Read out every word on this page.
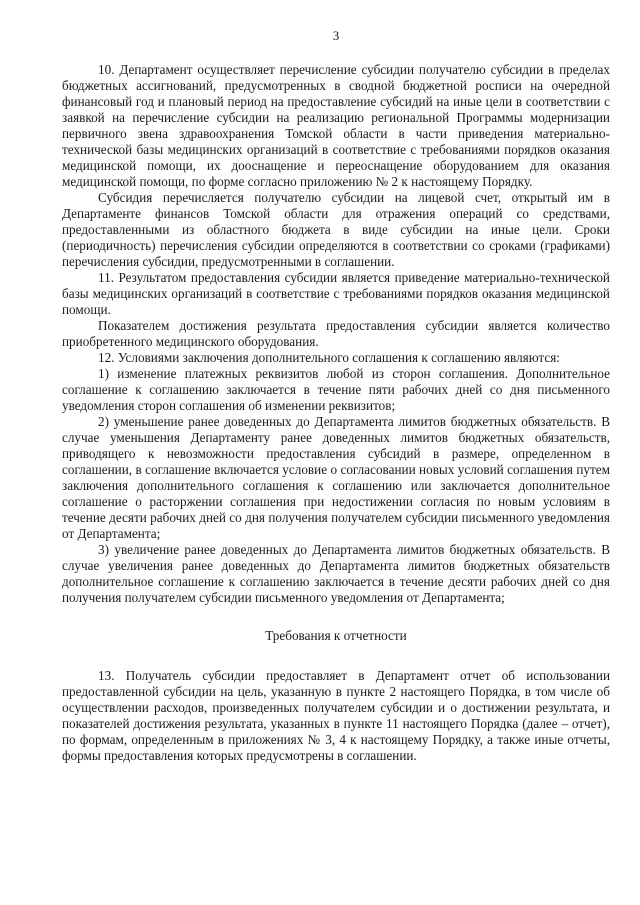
3

10. Департамент осуществляет перечисление субсидии получателю субсидии в пределах бюджетных ассигнований, предусмотренных в сводной бюджетной росписи на очередной финансовый год и плановый период на предоставление субсидий на иные цели в соответствии с заявкой на перечисление субсидии на реализацию региональной Программы модернизации первичного звена здравоохранения Томской области в части приведения материально-технической базы медицинских организаций в соответствие с требованиями порядков оказания медицинской помощи, их дооснащение и переоснащение оборудованием для оказания медицинской помощи, по форме согласно приложению № 2 к настоящему Порядку.

Субсидия перечисляется получателю субсидии на лицевой счет, открытый им в Департаменте финансов Томской области для отражения операций со средствами, предоставленными из областного бюджета в виде субсидии на иные цели. Сроки (периодичность) перечисления субсидии определяются в соответствии со сроками (графиками) перечисления субсидии, предусмотренными в соглашении.

11. Результатом предоставления субсидии является приведение материально-технической базы медицинских организаций в соответствие с требованиями порядков оказания медицинской помощи.

Показателем достижения результата предоставления субсидии является количество приобретенного медицинского оборудования.

12. Условиями заключения дополнительного соглашения к соглашению являются:

1) изменение платежных реквизитов любой из сторон соглашения. Дополнительное соглашение к соглашению заключается в течение пяти рабочих дней со дня письменного уведомления сторон соглашения об изменении реквизитов;

2) уменьшение ранее доведенных до Департамента лимитов бюджетных обязательств. В случае уменьшения Департаменту ранее доведенных лимитов бюджетных обязательств, приводящего к невозможности предоставления субсидий в размере, определенном в соглашении, в соглашение включается условие о согласовании новых условий соглашения путем заключения дополнительного соглашения к соглашению или заключается дополнительное соглашение о расторжении соглашения при недостижении согласия по новым условиям в течение десяти рабочих дней со дня получения получателем субсидии письменного уведомления от Департамента;

3) увеличение ранее доведенных до Департамента лимитов бюджетных обязательств. В случае увеличения ранее доведенных до Департамента лимитов бюджетных обязательств дополнительное соглашение к соглашению заключается в течение десяти рабочих дней со дня получения получателем субсидии письменного уведомления от Департамента;

Требования к отчетности

13. Получатель субсидии предоставляет в Департамент отчет об использовании предоставленной субсидии на цель, указанную в пункте 2 настоящего Порядка, в том числе об осуществлении расходов, произведенных получателем субсидии и о достижении результата, и показателей достижения результата, указанных в пункте 11 настоящего Порядка (далее – отчет), по формам, определенным в приложениях № 3, 4 к настоящему Порядку, а также иные отчеты, формы предоставления которых предусмотрены в соглашении.
